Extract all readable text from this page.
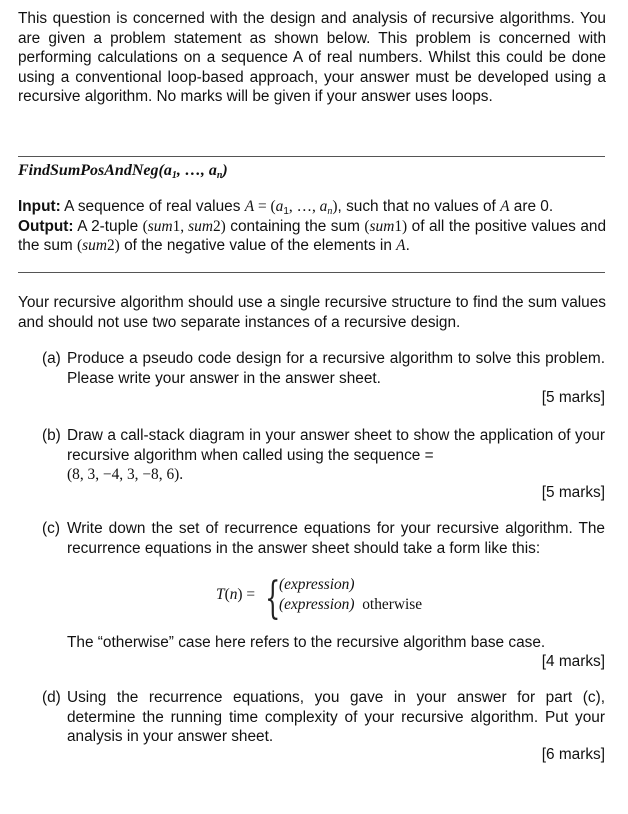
This question is concerned with the design and analysis of recursive algorithms. You are given a problem statement as shown below. This problem is concerned with performing calculations on a sequence A of real numbers. Whilst this could be done using a conventional loop-based approach, your answer must be developed using a recursive algorithm. No marks will be given if your answer uses loops.

$FindSumPosAndNeg(a_1$, …, $a_n$)
Input: A sequence of real values $A = (a_1$, …, $a_n$), such that no values of A are 0.

Output: A 2-tuple (sum1, sum2) containing the sum (sum1) of all the positive values and the sum (sum2) of the negative value of the elements in A.

Your recursive algorithm should use a single recursive structure to find the sum values and should not use two separate instances of a recursive design.

(a) Produce a pseudo code design for a recursive algorithm to solve this problem. Please write your answer in the answer sheet.
[5 marks]
(b) Draw a call-stack diagram in your answer sheet to show the application of your recursive algorithm when called using the sequence =
(8, 3, −4, 3, −8, 6).
[5 marks]
(c) Write down the set of recurrence equations for your recursive algorithm. The recurrence equations in the answer sheet should take a form like this:
T(n) = {
(expression)
(expression) otherwise
The “otherwise” case here refers to the recursive algorithm base case.
[4 marks]
(d) Using the recurrence equations, you gave in your answer for part (c), determine the running time complexity of your recursive algorithm. Put your analysis in your answer sheet.
[6 marks]
